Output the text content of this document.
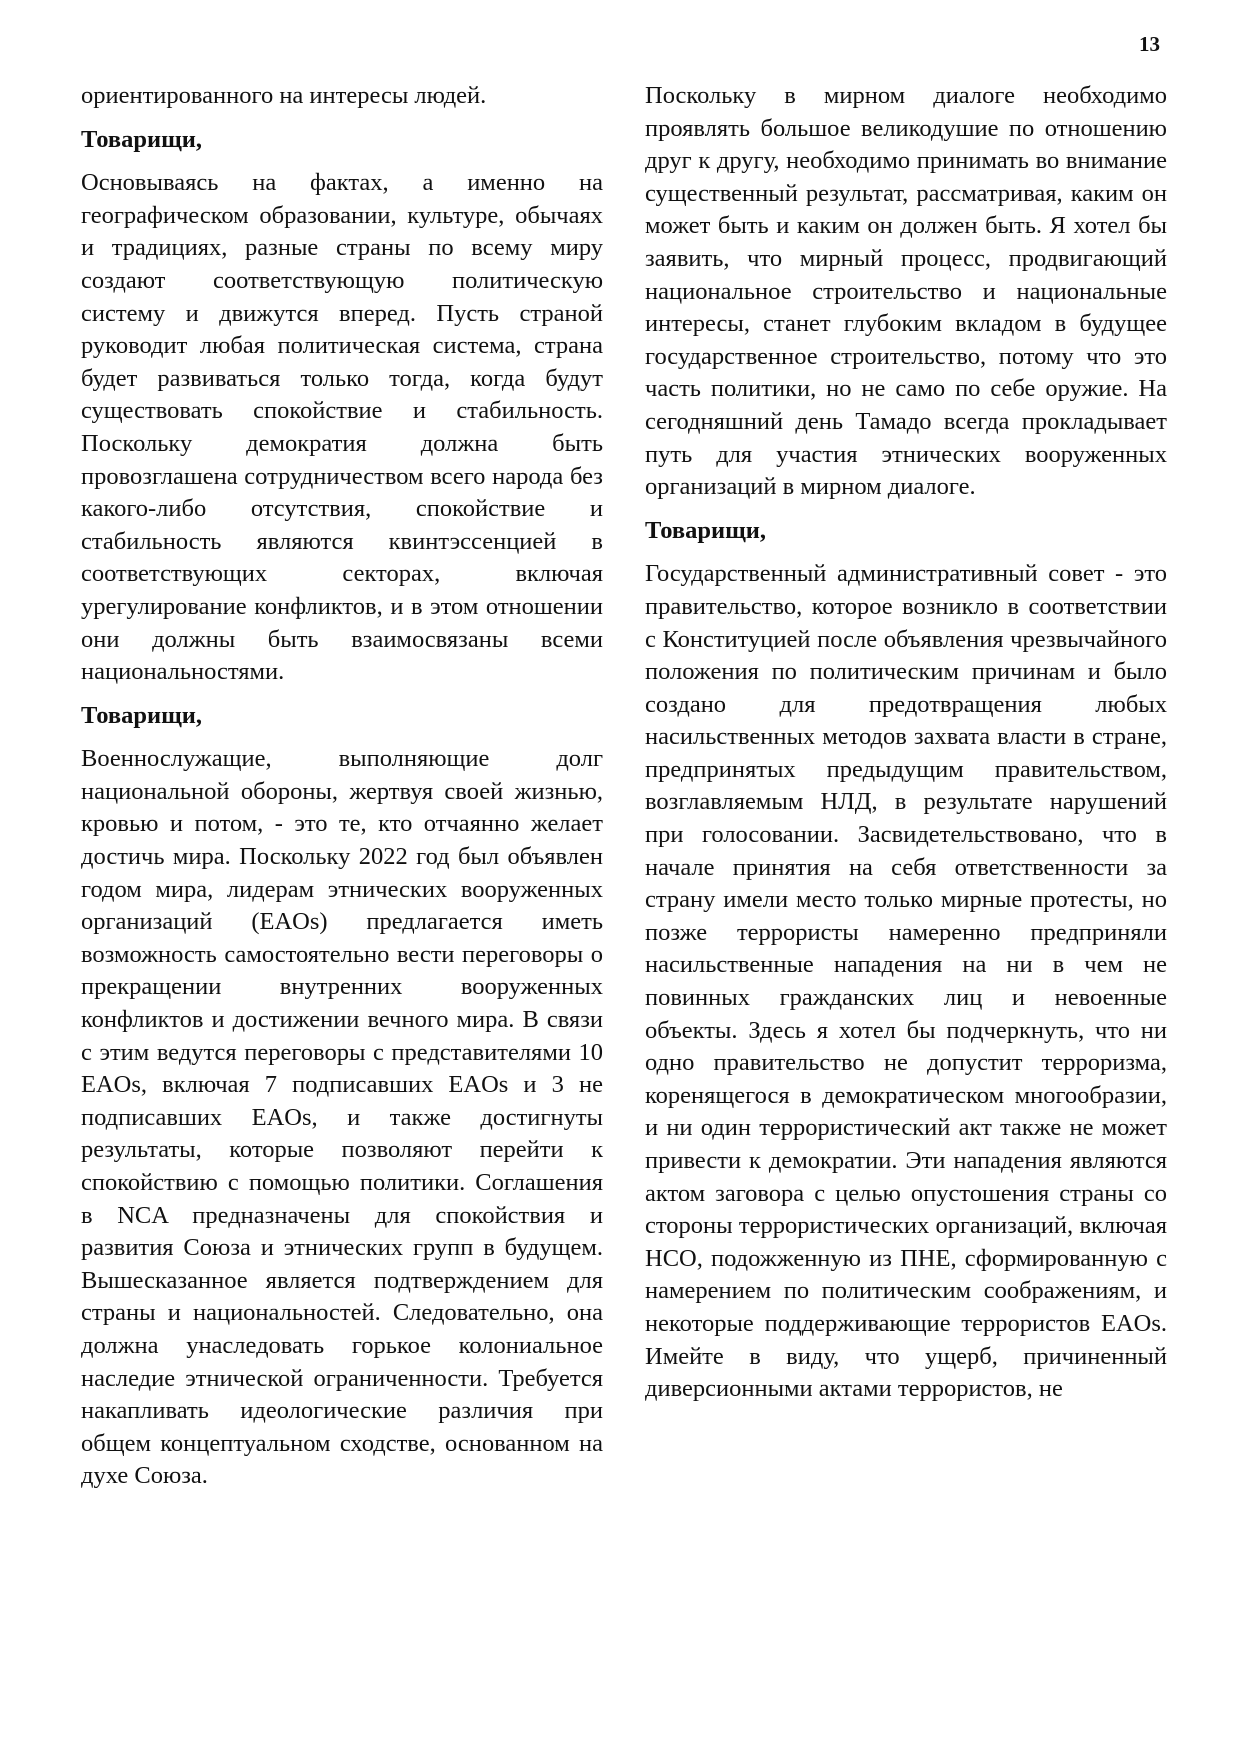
13

ориентированного на интересы людей.

Товарищи,

Основываясь на фактах, а именно на географическом образовании, культуре, обычаях и традициях, разные страны по всему миру создают соответствующую политическую систему и движутся вперед. Пусть страной руководит любая политическая система, страна будет развиваться только тогда, когда будут существовать спокойствие и стабильность. Поскольку демократия должна быть провозглашена сотрудничеством всего народа без какого-либо отсутствия, спокойствие и стабильность являются квинтэссенцией в соответствующих секторах, включая урегулирование конфликтов, и в этом отношении они должны быть взаимосвязаны всеми национальностями.

Товарищи,

Военнослужащие, выполняющие долг национальной обороны, жертвуя своей жизнью, кровью и потом, - это те, кто отчаянно желает достичь мира. Поскольку 2022 год был объявлен годом мира, лидерам этнических вооруженных организаций (EAOs) предлагается иметь возможность самостоятельно вести переговоры о прекращении внутренних вооруженных конфликтов и достижении вечного мира. В связи с этим ведутся переговоры с представителями 10 EAOs, включая 7 подписавших EAOs и 3 не подписавших EAOs, и также достигнуты результаты, которые позволяют перейти к спокойствию с помощью политики. Соглашения в NCA предназначены для спокойствия и развития Союза и этнических групп в будущем. Вышесказанное является подтверждением для страны и национальностей. Следовательно, она должна унаследовать горькое колониальное наследие этнической ограниченности. Требуется накапливать идеологические различия при общем концептуальном сходстве, основанном на духе Союза.

Поскольку в мирном диалоге необходимо проявлять большое великодушие по отношению друг к другу, необходимо принимать во внимание существенный результат, рассматривая, каким он может быть и каким он должен быть. Я хотел бы заявить, что мирный процесс, продвигающий национальное строительство и национальные интересы, станет глубоким вкладом в будущее государственное строительство, потому что это часть политики, но не само по себе оружие. На сегодняшний день Тамадо всегда прокладывает путь для участия этнических вооруженных организаций в мирном диалоге.

Товарищи,

Государственный административный совет - это правительство, которое возникло в соответствии с Конституцией после объявления чрезвычайного положения по политическим причинам и было создано для предотвращения любых насильственных методов захвата власти в стране, предпринятых предыдущим правительством, возглавляемым НЛД, в результате нарушений при голосовании. Засвидетельствовано, что в начале принятия на себя ответственности за страну имели место только мирные протесты, но позже террористы намеренно предприняли насильственные нападения на ни в чем не повинных гражданских лиц и невоенные объекты. Здесь я хотел бы подчеркнуть, что ни одно правительство не допустит терроризма, коренящегося в демократическом многообразии, и ни один террористический акт также не может привести к демократии. Эти нападения являются актом заговора с целью опустошения страны со стороны террористических организаций, включая НСО, подожженную из ПНЕ, сформированную с намерением по политическим соображениям, и некоторые поддерживающие террористов EAOs. Имейте в виду, что ущерб, причиненный диверсионными актами террористов, не
